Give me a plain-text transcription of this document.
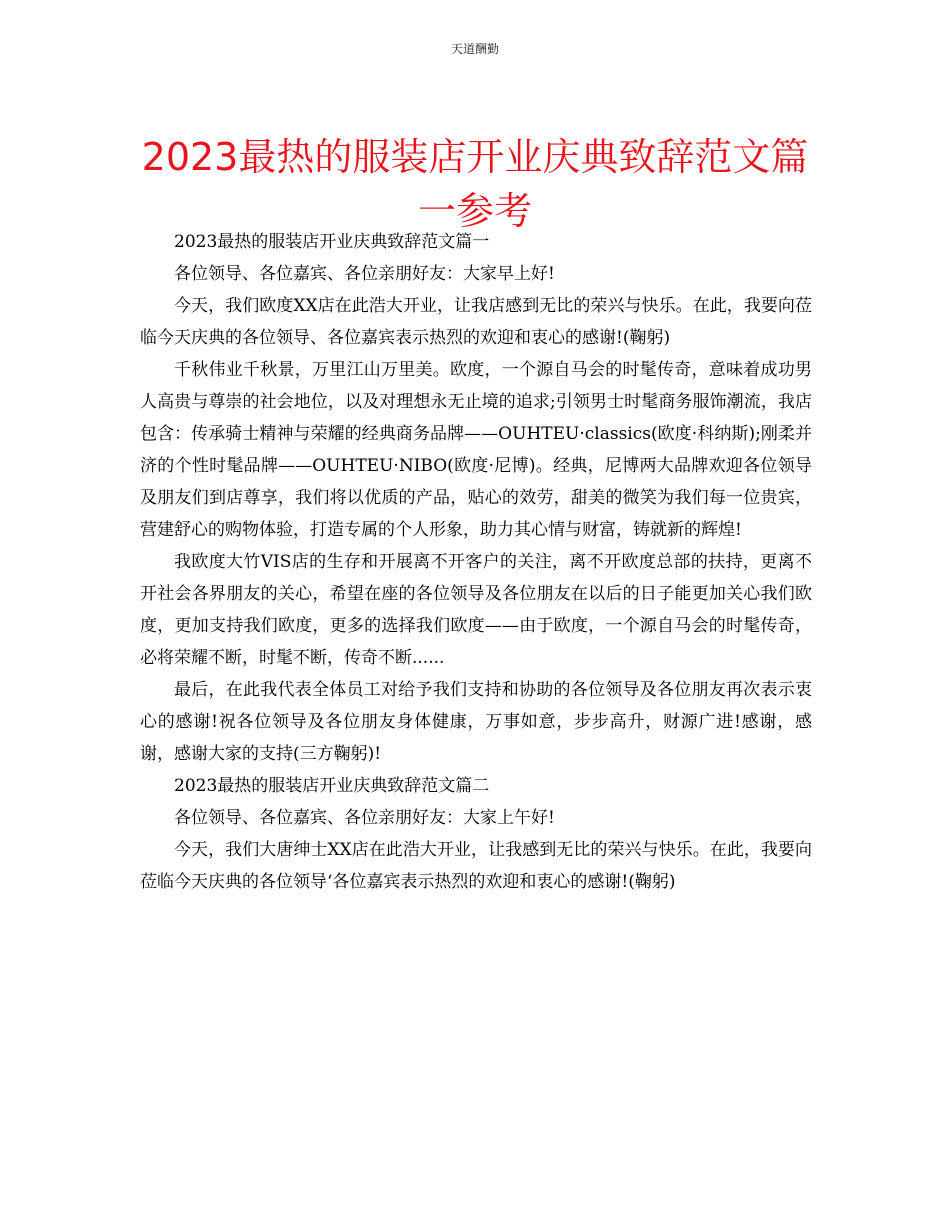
天道酬勤
2023最热的服装店开业庆典致辞范文篇一参考

2023最热的服装店开业庆典致辞范文篇一

各位领导、各位嘉宾、各位亲朋好友：大家早上好!

今天，我们欧度XX店在此浩大开业，让我店感到无比的荣兴与快乐。在此，我要向莅临今天庆典的各位领导、各位嘉宾表示热烈的欢迎和衷心的感谢!(鞠躬)

千秋伟业千秋景，万里江山万里美。欧度，一个源自马会的时髦传奇，意味着成功男人高贵与尊崇的社会地位，以及对理想永无止境的追求;引领男士时髦商务服饰潮流，我店包含：传承骑士精神与荣耀的经典商务品牌——OUHTEU·classics(欧度·科纳斯);刚柔并济的个性时髦品牌——OUHTEU·NIBO(欧度·尼博)。经典，尼博两大品牌欢迎各位领导及朋友们到店尊享，我们将以优质的产品，贴心的效劳，甜美的微笑为我们每一位贵宾，营建舒心的购物体验，打造专属的个人形象，助力其心情与财富，铸就新的辉煌!

我欧度大竹VIS店的生存和开展离不开客户的关注，离不开欧度总部的扶持，更离不开社会各界朋友的关心，希望在座的各位领导及各位朋友在以后的日子能更加关心我们欧度，更加支持我们欧度，更多的选择我们欧度——由于欧度，一个源自马会的时髦传奇，必将荣耀不断，时髦不断，传奇不断......

最后，在此我代表全体员工对给予我们支持和协助的各位领导及各位朋友再次表示衷心的感谢!祝各位领导及各位朋友身体健康，万事如意，步步高升，财源广进!感谢，感谢，感谢大家的支持(三方鞠躬)!

2023最热的服装店开业庆典致辞范文篇二

各位领导、各位嘉宾、各位亲朋好友：大家上午好!

今天，我们大唐绅士XX店在此浩大开业，让我感到无比的荣兴与快乐。在此，我要向莅临今天庆典的各位领导‘各位嘉宾表示热烈的欢迎和衷心的感谢!(鞠躬)
